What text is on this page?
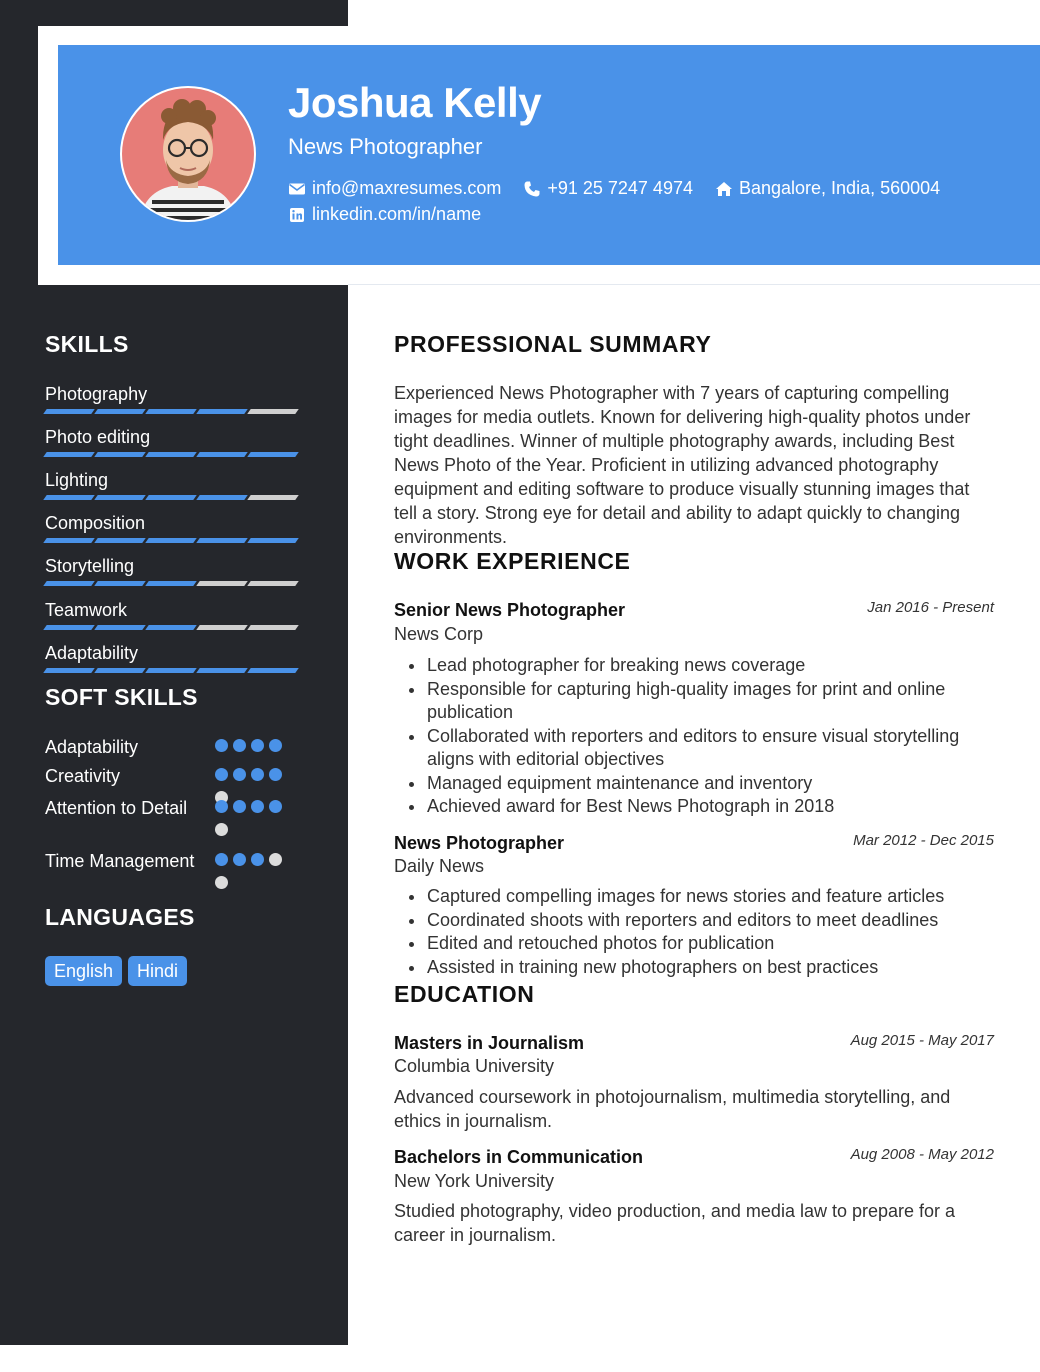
Joshua Kelly
News Photographer
info@maxresumes.com	+91 25 7247 4974	Bangalore, India, 560004
linkedin.com/in/name
SKILLS
Photography
Photo editing
Lighting
Composition
Storytelling
Teamwork
Adaptability
SOFT SKILLS
Adaptability
Creativity
Attention to Detail
Time Management
LANGUAGES
English	Hindi
PROFESSIONAL SUMMARY
Experienced News Photographer with 7 years of capturing compelling images for media outlets. Known for delivering high-quality photos under tight deadlines. Winner of multiple photography awards, including Best News Photo of the Year. Proficient in utilizing advanced photography equipment and editing software to produce visually stunning images that tell a story. Strong eye for detail and ability to adapt quickly to changing environments.
WORK EXPERIENCE
Senior News Photographer	Jan 2016 - Present
News Corp
Lead photographer for breaking news coverage
Responsible for capturing high-quality images for print and online publication
Collaborated with reporters and editors to ensure visual storytelling aligns with editorial objectives
Managed equipment maintenance and inventory
Achieved award for Best News Photograph in 2018
News Photographer	Mar 2012 - Dec 2015
Daily News
Captured compelling images for news stories and feature articles
Coordinated shoots with reporters and editors to meet deadlines
Edited and retouched photos for publication
Assisted in training new photographers on best practices
EDUCATION
Masters in Journalism	Aug 2015 - May 2017
Columbia University
Advanced coursework in photojournalism, multimedia storytelling, and ethics in journalism.
Bachelors in Communication	Aug 2008 - May 2012
New York University
Studied photography, video production, and media law to prepare for a career in journalism.
